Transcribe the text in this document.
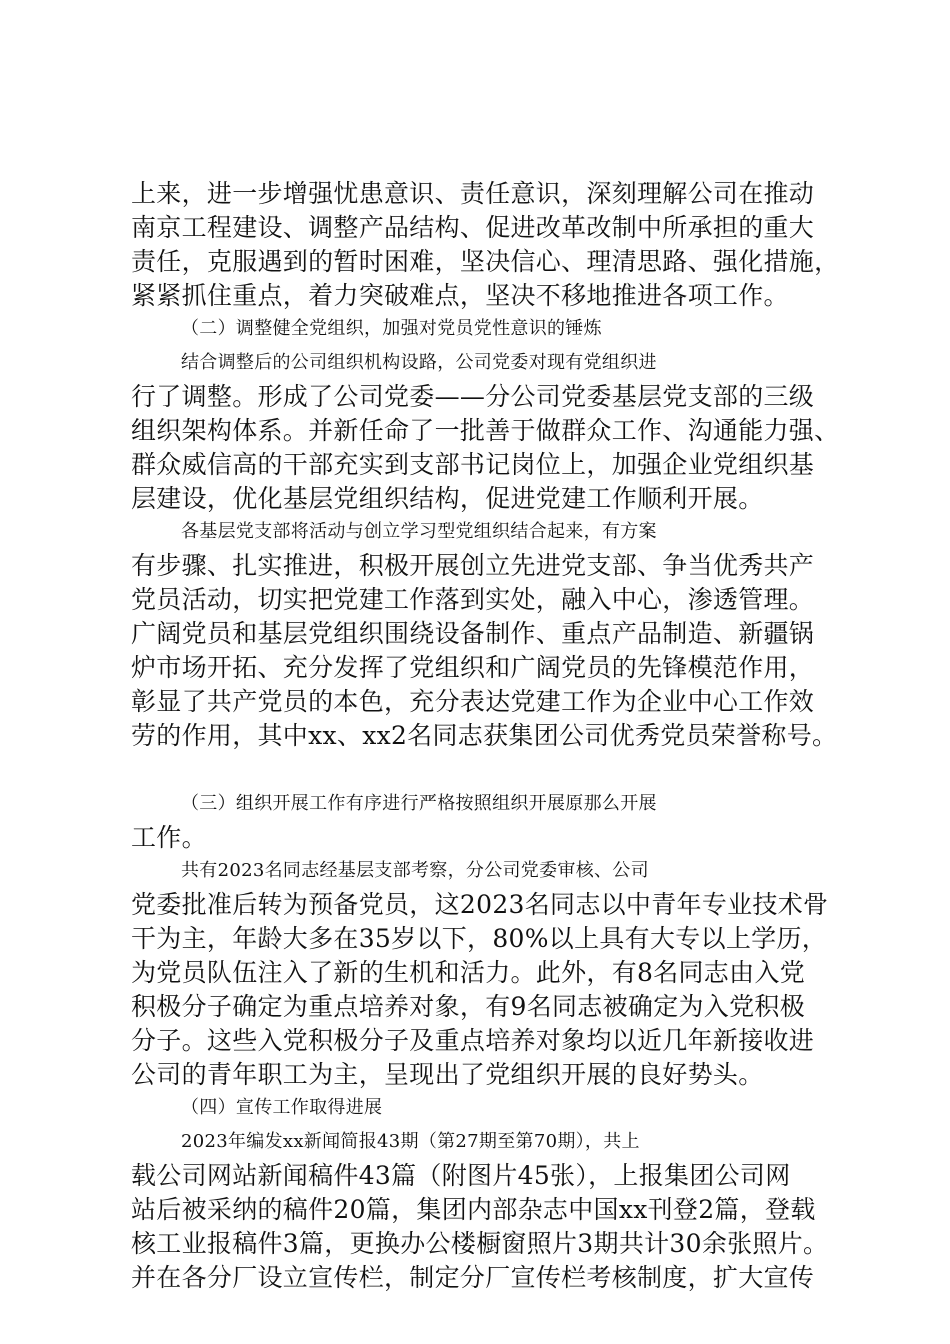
上来，进一步增强忧患意识、责任意识，深刻理解公司在推动
南京工程建设、调整产品结构、促进改革改制中所承担的重大
责任，克服遇到的暂时困难，坚决信心、理清思路、强化措施，
紧紧抓住重点，着力突破难点，坚决不移地推进各项工作。
（二）调整健全党组织，加强对党员党性意识的锤炼
结合调整后的公司组织机构设路，公司党委对现有党组织进
行了调整。形成了公司党委——分公司党委基层党支部的三级
组织架构体系。并新任命了一批善于做群众工作、沟通能力强、
群众威信高的干部充实到支部书记岗位上，加强企业党组织基
层建设，优化基层党组织结构，促进党建工作顺利开展。
各基层党支部将活动与创立学习型党组织结合起来，有方案
有步骤、扎实推进，积极开展创立先进党支部、争当优秀共产
党员活动，切实把党建工作落到实处，融入中心，渗透管理。
广阔党员和基层党组织围绕设备制作、重点产品制造、新疆锅
炉市场开拓、充分发挥了党组织和广阔党员的先锋模范作用，
彰显了共产党员的本色，充分表达党建工作为企业中心工作效
劳的作用，其中xx、xx2名同志获集团公司优秀党员荣誉称号。
（三）组织开展工作有序进行严格按照组织开展原那么开展
工作。
共有2023名同志经基层支部考察，分公司党委审核、公司
党委批准后转为预备党员，这2023名同志以中青年专业技术骨
干为主，年龄大多在35岁以下，80%以上具有大专以上学历，
为党员队伍注入了新的生机和活力。此外，有8名同志由入党
积极分子确定为重点培养对象，有9名同志被确定为入党积极
分子。这些入党积极分子及重点培养对象均以近几年新接收进
公司的青年职工为主，呈现出了党组织开展的良好势头。
（四）宣传工作取得进展
2023年编发xx新闻简报43期（第27期至第70期），共上
载公司网站新闻稿件43篇（附图片45张），上报集团公司网
站后被采纳的稿件20篇，集团内部杂志中国xx刊登2篇，登载
核工业报稿件3篇，更换办公楼橱窗照片3期共计30余张照片。
并在各分厂设立宣传栏，制定分厂宣传栏考核制度，扩大宣传
